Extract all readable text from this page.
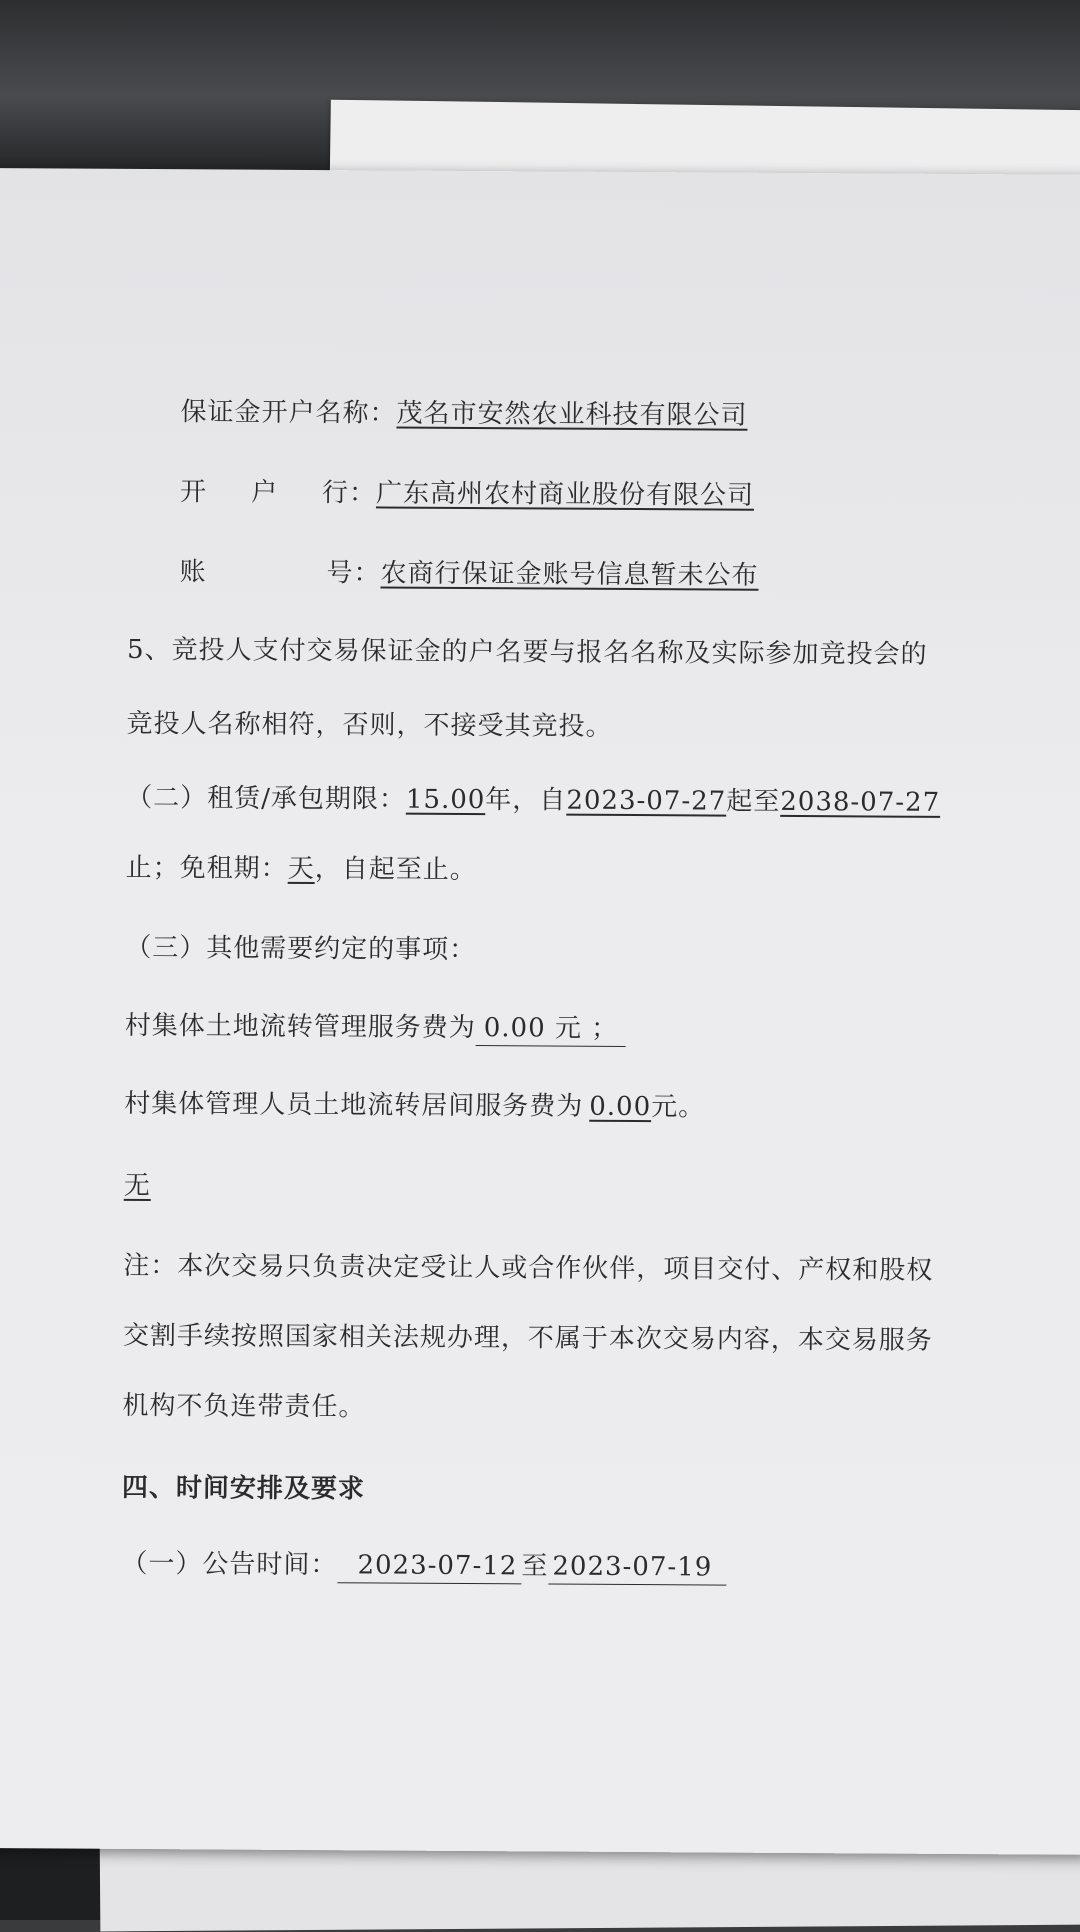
保证金开户名称：茂名市安然农业科技有限公司
开 户 行：广东高州农村商业股份有限公司
账	号：农商行保证金账号信息暂未公布
5、竞投人支付交易保证金的户名要与报名名称及实际参加竞投会的
竞投人名称相符，否则，不接受其竞投。
（二）租赁/承包期限：15.00年，自2023-07-27起至2038-07-27
止；免租期：天，自起至止。
（三）其他需要约定的事项：
村集体土地流转管理服务费为 0.00 元 ；
村集体管理人员土地流转居间服务费为 0.00元。
无
注：本次交易只负责决定受让人或合作伙伴，项目交付、产权和股权
交割手续按照国家相关法规办理，不属于本次交易内容，本交易服务
机构不负连带责任。
四、时间安排及要求
（一）公告时间： 2023-07-12 至 2023-07-19
